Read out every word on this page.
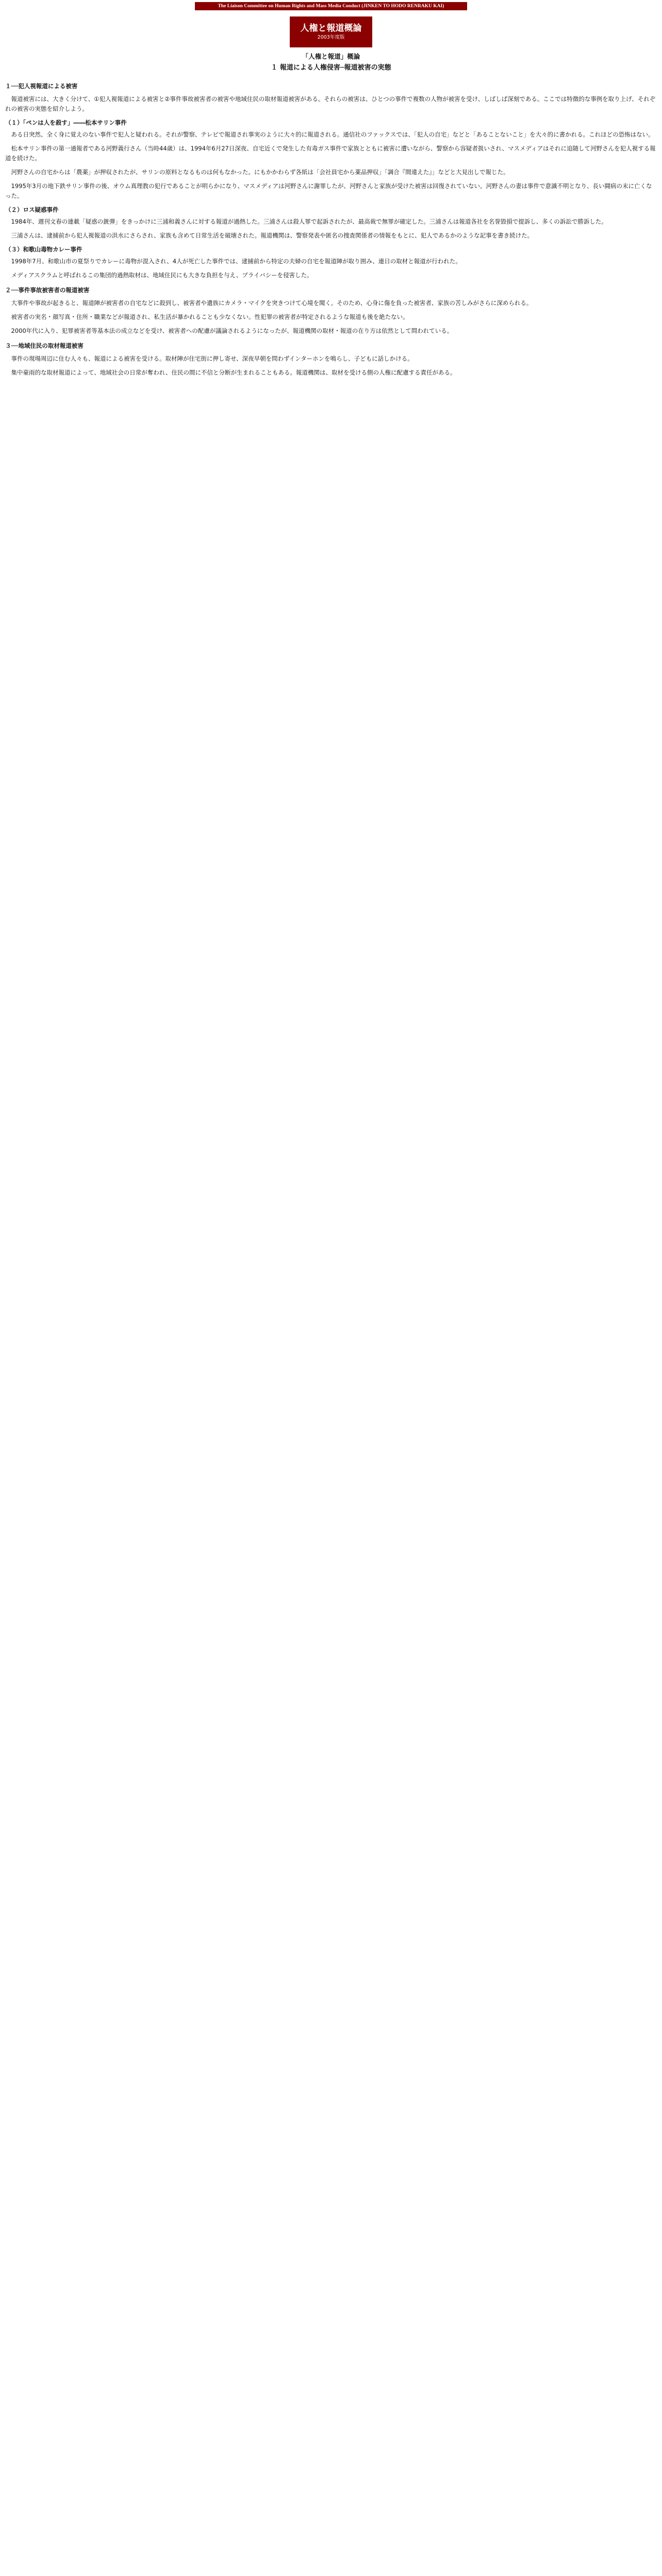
The Liaison Committee on Human Rights and Mass Media Conduct (JINKEN TO HODO RENRAKU KAI)
人権と報道概論
2003年度版
「人権と報道」概論
１ 報道による人権侵害─報道被害の実態
１──犯人視報道による被害

報道被害には、大きく分けて、①犯人視報道による被害と②事件事故被害者の被害や地域住民の取材報道被害がある。それらの被害は、ひとつの事件で複数の人物が被害を受け、しばしば深刻である。ここでは特徴的な事例を取り上げ、それぞれの被害の実態を紹介しよう。

（１）「ペンは人を殺す」――松本サリン事件

ある日突然、全く身に覚えのない事件で犯人と疑われる。それが警察、テレビで報道され事実のように大々的に報道される。通信社のファックスでは、「犯人の自宅」などと「あることないこと」を大々的に書かれる。これほどの恐怖はない。

松本サリン事件の第一通報者である河野義行さん（当時44歳）は、1994年6月27日深夜、自宅近くで発生した有毒ガス事件で家族とともに被害に遭いながら、警察から容疑者扱いされ、マスメディアはそれに追随して河野さんを犯人視する報道を続けた。

河野さんの自宅からは「農薬」が押収されたが、サリンの原料となるものは何もなかった。にもかかわらず各紙は「会社員宅から薬品押収」「調合『間違えた』」などと大見出しで報じた。

1995年3月の地下鉄サリン事件の後、オウム真理教の犯行であることが明らかになり、マスメディアは河野さんに謝罪したが、河野さんと家族が受けた被害は回復されていない。河野さんの妻は事件で意識不明となり、長い闘病の末に亡くなった。

（２）ロス疑惑事件

1984年、週刊文春の連載「疑惑の銃弾」をきっかけに三浦和義さんに対する報道が過熱した。三浦さんは殺人罪で起訴されたが、最高裁で無罪が確定した。三浦さんは報道各社を名誉毀損で提訴し、多くの訴訟で勝訴した。

三浦さんは、逮捕前から犯人視報道の洪水にさらされ、家族も含めて日常生活を破壊された。報道機関は、警察発表や匿名の捜査関係者の情報をもとに、犯人であるかのような記事を書き続けた。

（３）和歌山毒物カレー事件

1998年7月、和歌山市の夏祭りでカレーに毒物が混入され、4人が死亡した事件では、逮捕前から特定の夫婦の自宅を報道陣が取り囲み、連日の取材と報道が行われた。

メディアスクラムと呼ばれるこの集団的過熱取材は、地域住民にも大きな負担を与え、プライバシーを侵害した。

２──事件事故被害者の報道被害

大事件や事故が起きると、報道陣が被害者の自宅などに殺到し、被害者や遺族にカメラ・マイクを突きつけて心境を聞く。そのため、心身に傷を負った被害者、家族の苦しみがさらに深められる。

被害者の実名・顔写真・住所・職業などが報道され、私生活が暴かれることも少なくない。性犯罪の被害者が特定されるような報道も後を絶たない。

2000年代に入り、犯罪被害者等基本法の成立などを受け、被害者への配慮が議論されるようになったが、報道機関の取材・報道の在り方は依然として問われている。

３──地域住民の取材報道被害

事件の現場周辺に住む人々も、報道による被害を受ける。取材陣が住宅街に押し寄せ、深夜早朝を問わずインターホンを鳴らし、子どもに話しかける。

集中豪雨的な取材報道によって、地域社会の日常が奪われ、住民の間に不信と分断が生まれることもある。報道機関は、取材を受ける側の人権に配慮する責任がある。
